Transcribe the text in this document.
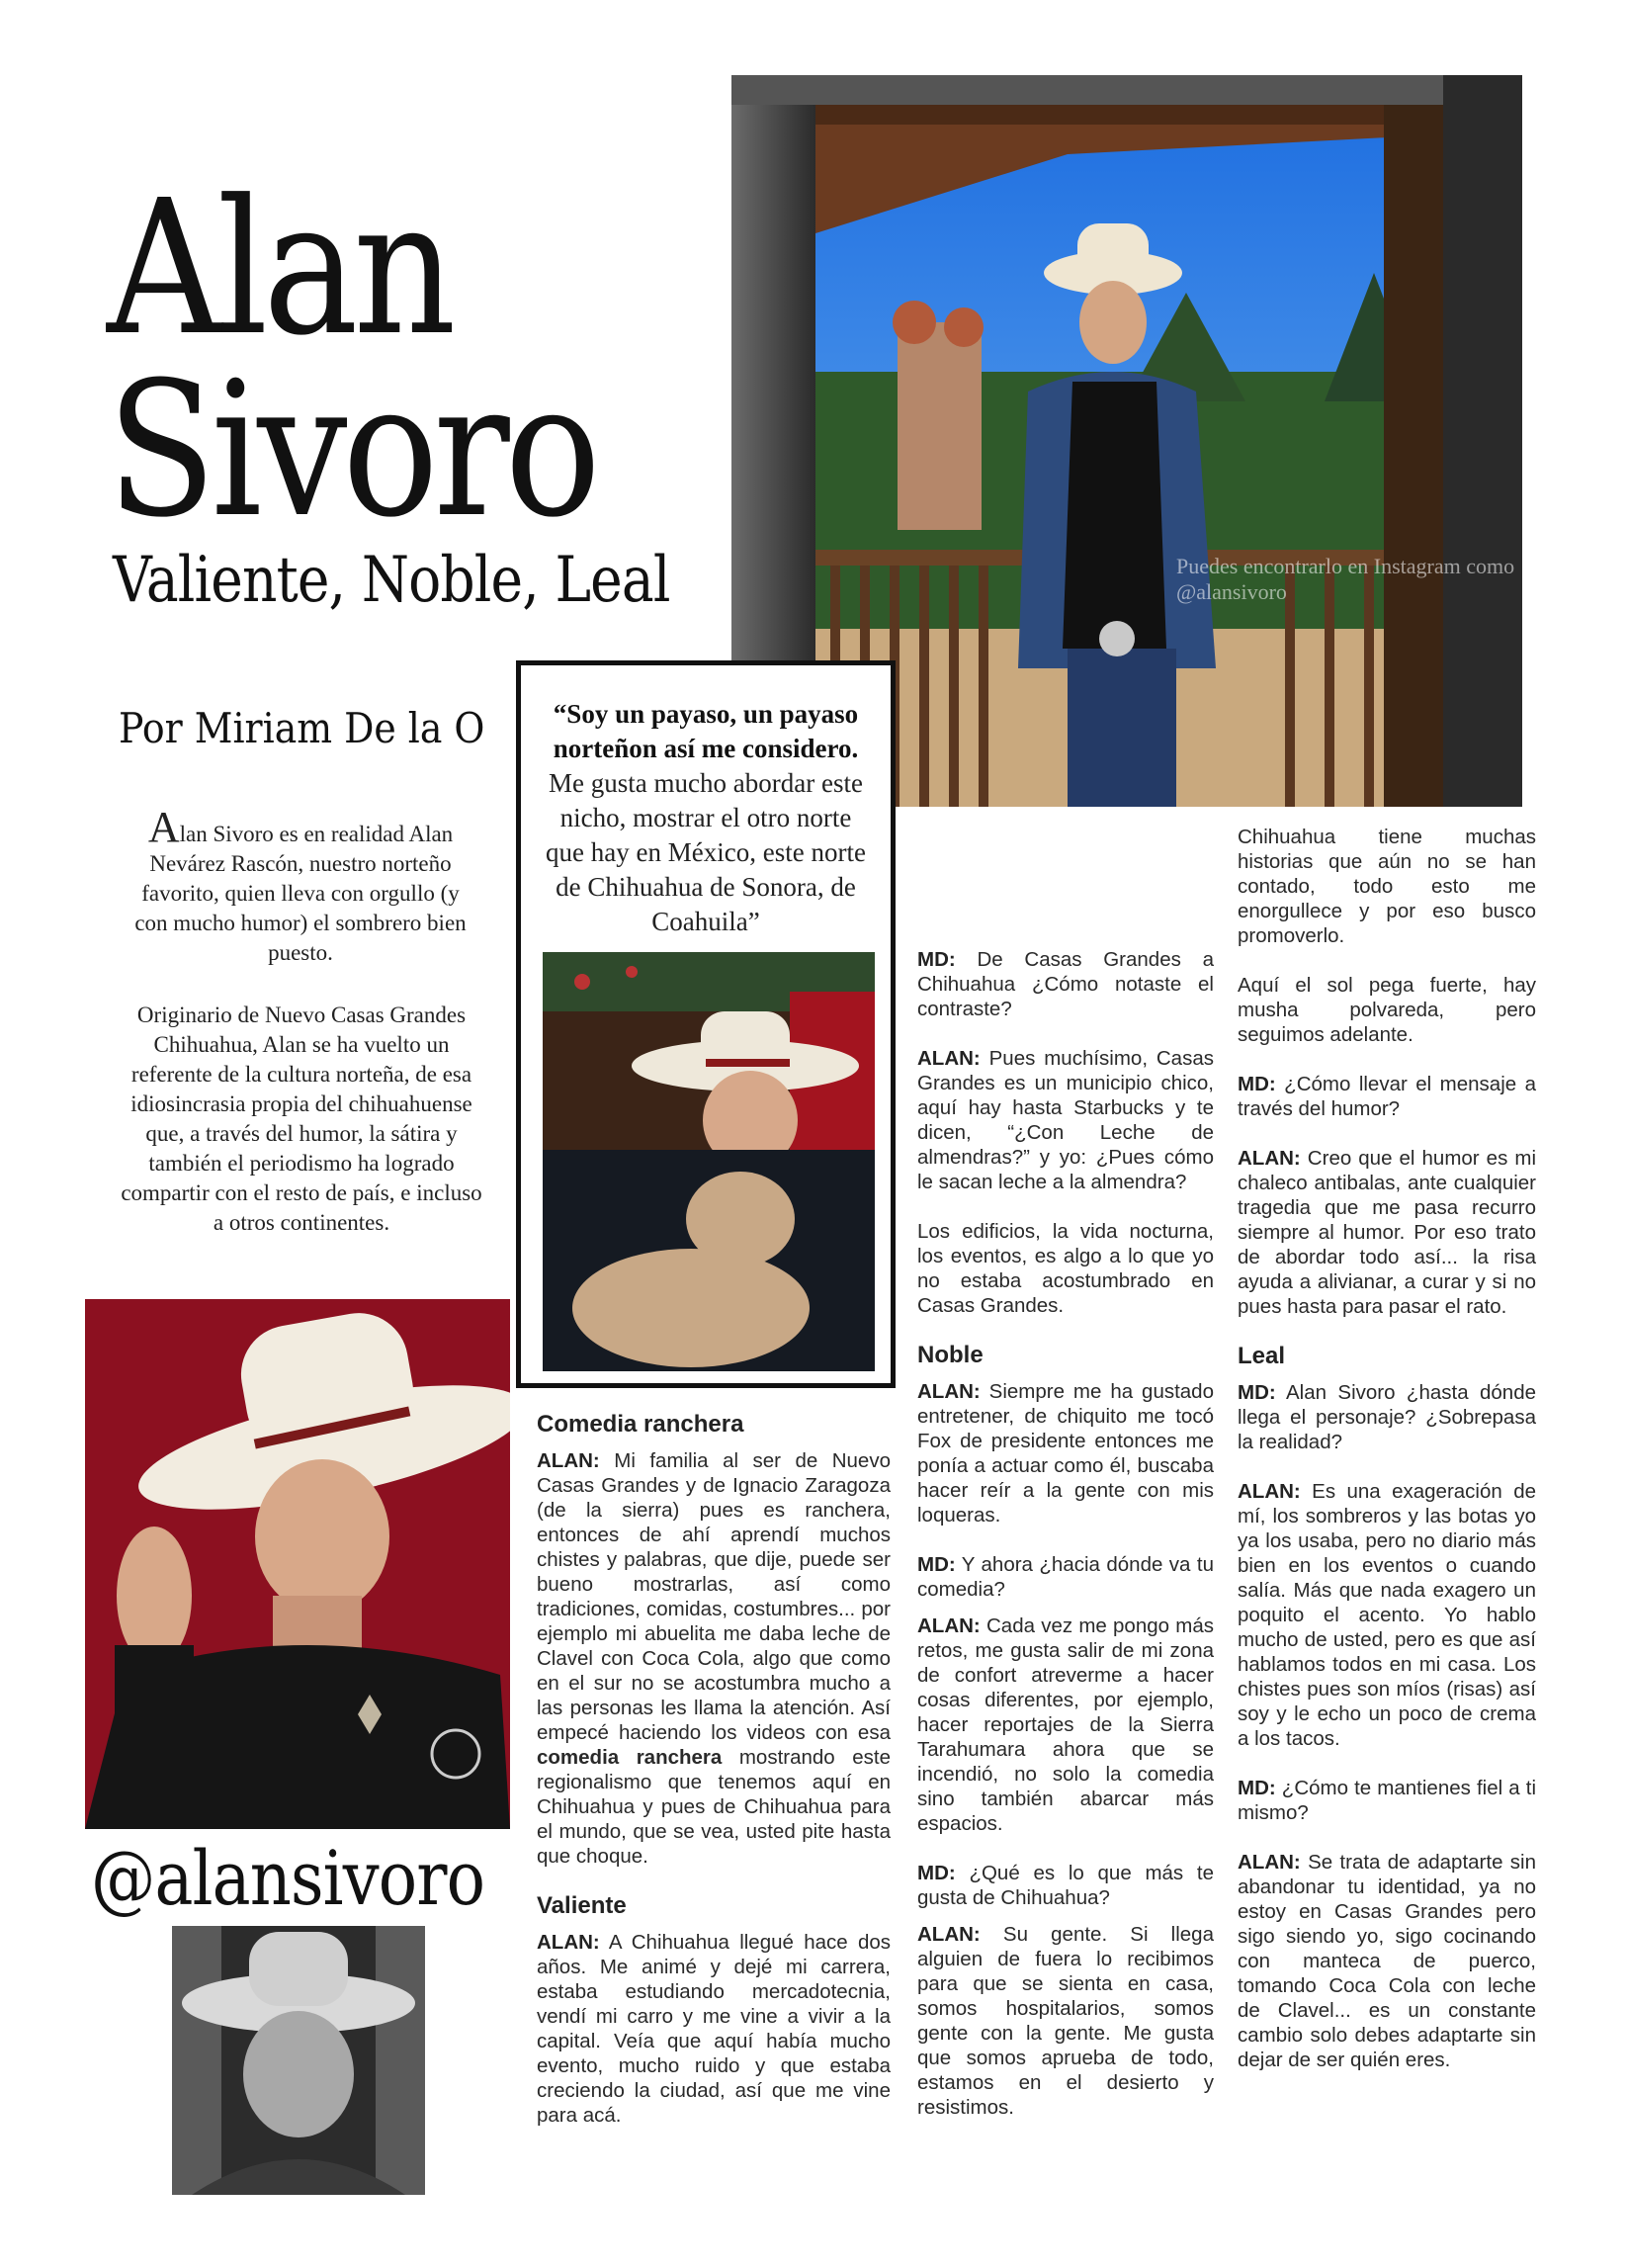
Alan
Sivoro
Valiente, Noble, Leal
Por Miriam De la O
Alan Sivoro es en realidad Alan Nevárez Rascón, nuestro norteño favorito, quien lleva con orgullo (y con mucho humor) el sombrero bien puesto.
Originario de Nuevo Casas Grandes Chihuahua, Alan se ha vuelto un referente de la cultura norteña, de esa idiosincrasia propia del chihuahuense que, a través del humor, la sátira y también el periodismo ha logrado compartir con el resto de país, e incluso a otros continentes.
Puedes encontrarlo en Instagram como @alansivoro
“Soy un payaso, un payaso norteñon así me considero. Me gusta mucho abordar este nicho, mostrar el otro norte que hay en México, este norte de Chihuahua de Sonora, de Coahuila”
@alansivoro
Comedia ranchera

ALAN: Mi familia al ser de Nuevo Casas Grandes y de Ignacio Zaragoza (de la sierra) pues es ranchera, entonces de ahí aprendí muchos chistes y palabras, que dije, puede ser bueno mostrarlas, así como tradiciones, comidas, costumbres... por ejemplo mi abuelita me daba leche de Clavel con Coca Cola, algo que como en el sur no se acostumbra mucho a las personas les llama la atención. Así empecé haciendo los videos con esa comedia ranchera mostrando este regionalismo que tenemos aquí en Chihuahua y pues de Chihuahua para el mundo, que se vea, usted pite hasta que choque.

Valiente

ALAN: A Chihuahua llegué hace dos años. Me animé y dejé mi carrera, estaba estudiando mercadotecnia, vendí mi carro y me vine a vivir a la capital. Veía que aquí había mucho evento, mucho ruido y que estaba creciendo la ciudad, así que me vine para acá.

MD: De Casas Grandes a Chihuahua ¿Cómo notaste el contraste?

ALAN: Pues muchísimo, Casas Grandes es un municipio chico, aquí hay hasta Starbucks y te dicen, “¿Con Leche de almendras?” y yo: ¿Pues cómo le sacan leche a la almendra?

Los edificios, la vida nocturna, los eventos, es algo a lo que yo no estaba acostumbrado en Casas Grandes.

Noble

ALAN: Siempre me ha gustado entretener, de chiquito me tocó Fox de presidente entonces me ponía a actuar como él, buscaba hacer reír a la gente con mis loqueras.

MD: Y ahora ¿hacia dónde va tu comedia?

ALAN: Cada vez me pongo más retos, me gusta salir de mi zona de confort atreverme a hacer cosas diferentes, por ejemplo, hacer reportajes de la Sierra Tarahumara ahora que se incendió, no solo la comedia sino también abarcar más espacios.

MD: ¿Qué es lo que más te gusta de Chihuahua?

ALAN: Su gente. Si llega alguien de fuera lo recibimos para que se sienta en casa, somos hospitalarios, somos gente con la gente. Me gusta que somos aprueba de todo, estamos en el desierto y resistimos.

Chihuahua tiene muchas historias que aún no se han contado, todo esto me enorgullece y por eso busco promoverlo.

Aquí el sol pega fuerte, hay musha polvareda, pero seguimos adelante.

MD: ¿Cómo llevar el mensaje a través del humor?

ALAN: Creo que el humor es mi chaleco antibalas, ante cualquier tragedia que me pasa recurro siempre al humor. Por eso trato de abordar todo así... la risa ayuda a alivianar, a curar y si no pues hasta para pasar el rato.

Leal

MD: Alan Sivoro ¿hasta dónde llega el personaje? ¿Sobrepasa la realidad?

ALAN: Es una exageración de mí, los sombreros y las botas yo ya los usaba, pero no diario más bien en los eventos o cuando salía. Más que nada exagero un poquito el acento. Yo hablo mucho de usted, pero es que así hablamos todos en mi casa. Los chistes pues son míos (risas) así soy y le echo un poco de crema a los tacos.

MD: ¿Cómo te mantienes fiel a ti mismo?

ALAN: Se trata de adaptarte sin abandonar tu identidad, ya no estoy en Casas Grandes pero sigo siendo yo, sigo cocinando con manteca de puerco, tomando Coca Cola con leche de Clavel... es un constante cambio solo debes adaptarte sin dejar de ser quién eres.
